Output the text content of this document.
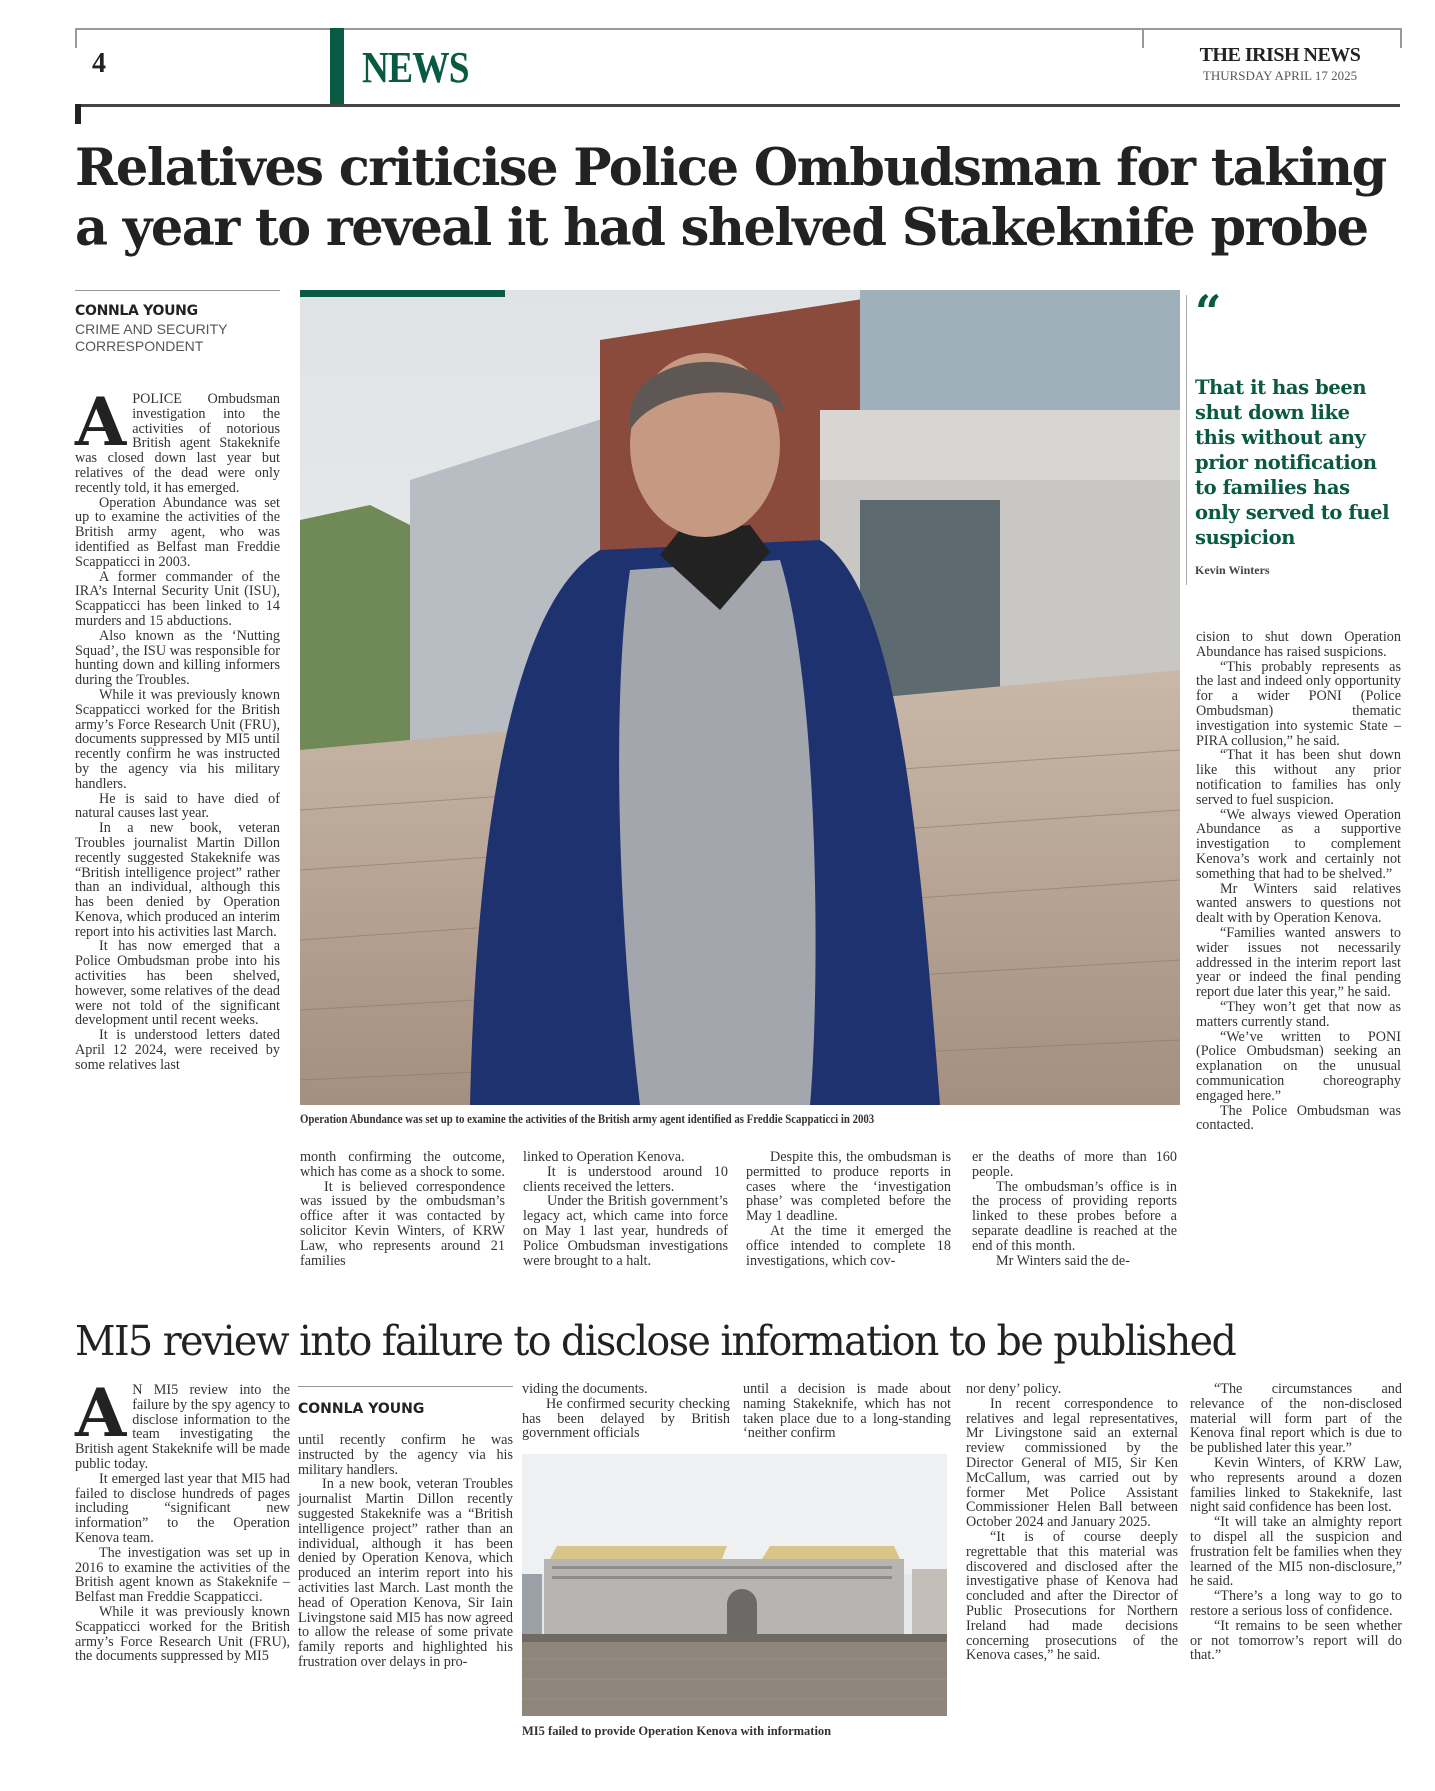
4	NEWS	THE IRISH NEWS
THURSDAY APRIL 17 2025
Relatives criticise Police Ombudsman for taking a year to reveal it had shelved Stakeknife probe
CONNLA YOUNG
CRIME AND SECURITY CORRESPONDENT

APOLICE Ombudsman investigation into the activities of notorious British agent Stakeknife was closed down last year but relatives of the dead were only recently told, it has emerged.

Operation Abundance was set up to examine the activities of the British army agent, who was identified as Belfast man Freddie Scappaticci in 2003.

A former commander of the IRA’s Internal Security Unit (ISU), Scappaticci has been linked to 14 murders and 15 abductions.

Also known as the ‘Nutting Squad’, the ISU was responsible for hunting down and killing informers during the Troubles.

While it was previously known Scappaticci worked for the British army’s Force Research Unit (FRU), documents suppressed by MI5 until recently confirm he was instructed by the agency via his military handlers.

He is said to have died of natural causes last year.

In a new book, veteran Troubles journalist Martin Dillon recently suggested Stakeknife was “British intelligence project” rather than an individual, although this has been denied by Operation Kenova, which produced an interim report into his activities last March.

It has now emerged that a Police Ombudsman probe into his activities has been shelved, however, some relatives of the dead were not told of the significant development until recent weeks.

It is understood letters dated April 12 2024, were received by some relatives last

Operation Abundance was set up to examine the activities of the British army agent identified as Freddie Scappaticci in 2003
“
That it has been shut down like this without any prior notification to families has only served to fuel suspicion
Kevin Winters

cision to shut down Operation Abundance has raised suspicions.

“This probably represents as the last and indeed only opportunity for a wider PONI (Police Ombudsman) thematic investigation into systemic State – PIRA collusion,” he said.

“That it has been shut down like this without any prior notification to families has only served to fuel suspicion.

“We always viewed Operation Abundance as a supportive investigation to complement Kenova’s work and certainly not something that had to be shelved.”

Mr Winters said relatives wanted answers to questions not dealt with by Operation Kenova.

“Families wanted answers to wider issues not necessarily addressed in the interim report last year or indeed the final pending report due later this year,” he said.

“They won’t get that now as matters currently stand.

“We’ve written to PONI (Police Ombudsman) seeking an explanation on the unusual communication choreography engaged here.”

The Police Ombudsman was contacted.

month confirming the outcome, which has come as a shock to some.

It is believed correspondence was issued by the ombudsman’s office after it was contacted by solicitor Kevin Winters, of KRW Law, who represents around 21 families

linked to Operation Kenova.

It is understood around 10 clients received the letters.

Under the British government’s legacy act, which came into force on May 1 last year, hundreds of Police Ombudsman investigations were brought to a halt.

Despite this, the ombudsman is permitted to produce reports in cases where the ‘investigation phase’ was completed before the May 1 deadline.

At the time it emerged the office intended to complete 18 investigations, which cov-

er the deaths of more than 160 people.

The ombudsman’s office is in the process of providing reports linked to these probes before a separate deadline is reached at the end of this month.

Mr Winters said the de-

MI5 review into failure to disclose information to be published

A N MI5 review into the failure by the spy agency to disclose information to the team investigating the British agent Stakeknife will be made public today.

It emerged last year that MI5 had failed to disclose hundreds of pages including “significant new information” to the Operation Kenova team.

The investigation was set up in 2016 to examine the activities of the British agent known as Stakeknife – Belfast man Freddie Scappaticci.

While it was previously known Scappaticci worked for the British army’s Force Research Unit (FRU), the documents suppressed by MI5

CONNLA YOUNG

until recently confirm he was instructed by the agency via his military handlers.

In a new book, veteran Troubles journalist Martin Dillon recently suggested Stakeknife was a “British intelligence project” rather than an individual, although it has been denied by Operation Kenova, which produced an interim report into his activities last March. Last month the head of Operation Kenova, Sir Iain Livingstone said MI5 has now agreed to allow the release of some private family reports and highlighted his frustration over delays in pro-

viding the documents.

He confirmed security checking has been delayed by British government officials

until a decision is made about naming Stakeknife, which has not taken place due to a long-standing ‘neither confirm

MI5 failed to provide Operation Kenova with information

nor deny’ policy.

In recent correspondence to relatives and legal representatives, Mr Livingstone said an external review commissioned by the Director General of MI5, Sir Ken McCallum, was carried out by former Met Police Assistant Commissioner Helen Ball between October 2024 and January 2025.

“It is of course deeply regrettable that this material was discovered and disclosed after the investigative phase of Kenova had concluded and after the Director of Public Prosecutions for Northern Ireland had made decisions concerning prosecutions of the Kenova cases,” he said.

“The circumstances and relevance of the non-disclosed material will form part of the Kenova final report which is due to be published later this year.”

Kevin Winters, of KRW Law, who represents around a dozen families linked to Stakeknife, last night said confidence has been lost.

“It will take an almighty report to dispel all the suspicion and frustration felt be families when they learned of the MI5 non-disclosure,” he said.

“There’s a long way to go to restore a serious loss of confidence.

“It remains to be seen whether or not tomorrow’s report will do that.”
